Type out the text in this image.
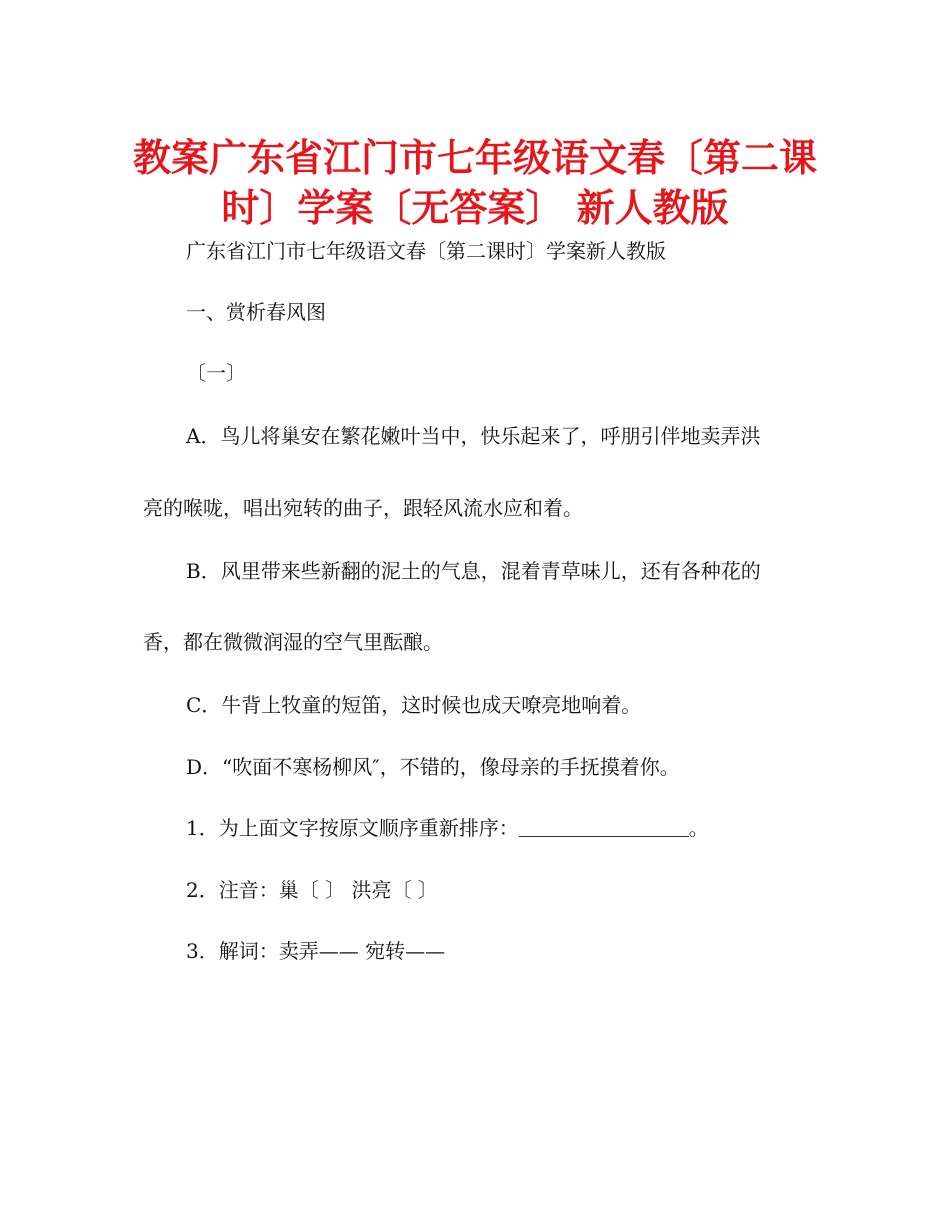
教案广东省江门市七年级语文春〔第二课
时〕学案〔无答案〕 新人教版
广东省江门市七年级语文春〔第二课时〕学案新人教版
一、赏析春风图
〔一〕
A．鸟儿将巢安在繁花嫩叶当中，快乐起来了，呼朋引伴地卖弄洪
亮的喉咙，唱出宛转的曲子，跟轻风流水应和着。
B．风里带来些新翻的泥土的气息，混着青草味儿，还有各种花的
香，都在微微润湿的空气里酝酿。
C．牛背上牧童的短笛，这时候也成天嘹亮地响着。
D．“吹面不寒杨柳风″，不错的，像母亲的手抚摸着你。
1．为上面文字按原文顺序重新排序：	。
2．注音：巢〔 〕 洪亮〔 〕
3．解词：卖弄—— 宛转——
